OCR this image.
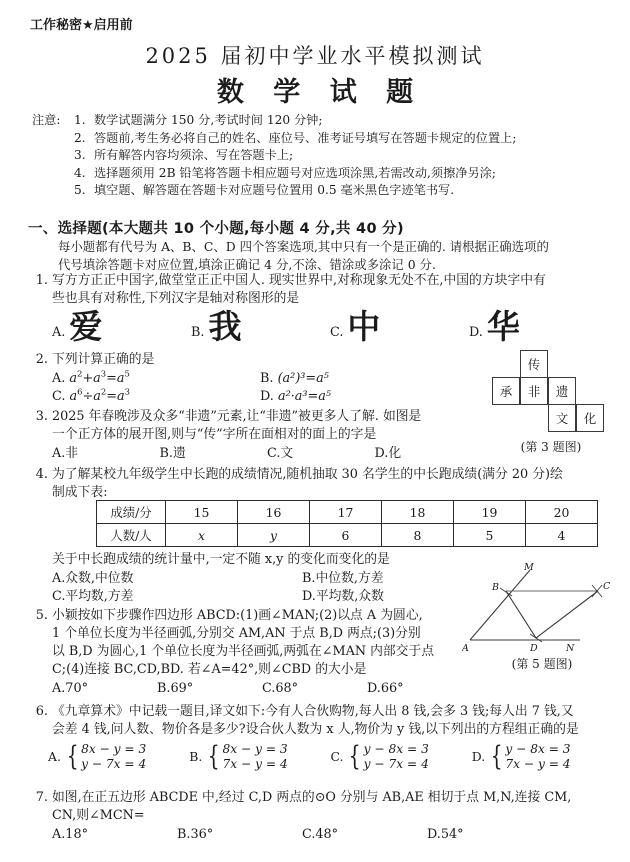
工作秘密★启用前
2025 届初中学业水平模拟测试
数 学 试 题
注意:	1. 数学试题满分 150 分,考试时间 120 分钟;
2. 答题前,考生务必将自己的姓名、座位号、准考证号填写在答题卡规定的位置上;
3. 所有解答内容均须涂、写在答题卡上;
4. 选择题须用 2B 铅笔将答题卡相应题号对应选项涂黑,若需改动,须擦净另涂;
5. 填空题、解答题在答题卡对应题号位置用 0.5 毫米黑色字迹笔书写.
一、选择题(本大题共 10 个小题,每小题 4 分,共 40 分)
每小题都有代号为 A、B、C、D 四个答案选项,其中只有一个是正确的. 请根据正确选项的
代号填涂答题卡对应位置,填涂正确记 4 分,不涂、错涂或多涂记 0 分.
1. 写方方正正中国字,做堂堂正正中国人. 现实世界中,对称现象无处不在,中国的方块字中有
些也具有对称性,下列汉字是轴对称图形的是
A. 爱	B. 我	C. 中	D. 华
2. 下列计算正确的是
A. $a^2+a^3=a^5$	B. (a²)³=a⁵
C. $a^6\div a^2=a^3$	D. a²·a³=a⁵
3. 2025 年春晚涉及众多“非遗”元素,让“非遗”被更多人了解. 如图是
一个正方体的展开图,则与“传”字所在面相对的面上的字是
A.非	B.遗	C.文	D.化
传
承	非	遗
文	化
(第 3 题图)
4. 为了解某校九年级学生中长跑的成绩情况,随机抽取 30 名学生的中长跑成绩(满分 20 分)绘
制成下表:
成绩/分	15	16	17	18	19	20
人数/人	x	y	6	8	5	4
关于中长跑成绩的统计量中,一定不随 x,y 的变化而变化的是
A.众数,中位数	B.中位数,方差
C.平均数,方差	D.平均数,众数
5. 小颖按如下步骤作四边形 ABCD:(1)画∠MAN;(2)以点 A 为圆心,
1 个单位长度为半径画弧,分别交 AM,AN 于点 B,D 两点;(3)分别
以 B,D 为圆心,1 个单位长度为半径画弧,两弧在∠MAN 内部交于点
C;(4)连接 BC,CD,BD. 若∠A=42°,则∠CBD 的大小是
A.70°	B.69°	C.68°	D.66°
M
B	C
A	D	N
(第 5 题图)
6. 《九章算术》中记载一题目,译文如下:今有人合伙购物,每人出 8 钱,会多 3 钱;每人出 7 钱,又
会差 4 钱,问人数、物价各是多少?设合伙人数为 x 人,物价为 y 钱,以下列出的方程组正确的是
A. { 8x − y = 3
y − 7x = 4	B. { 8x − y = 3
7x − y = 4	C. { y − 8x = 3
y − 7x = 4	D. { y − 8x = 3
7x − y = 4
7. 如图,在正五边形 ABCDE 中,经过 C,D 两点的⊙O 分别与 AB,AE 相切于点 M,N,连接 CM,
CN,则∠MCN=
A.18°	B.36°	C.48°	D.54°
